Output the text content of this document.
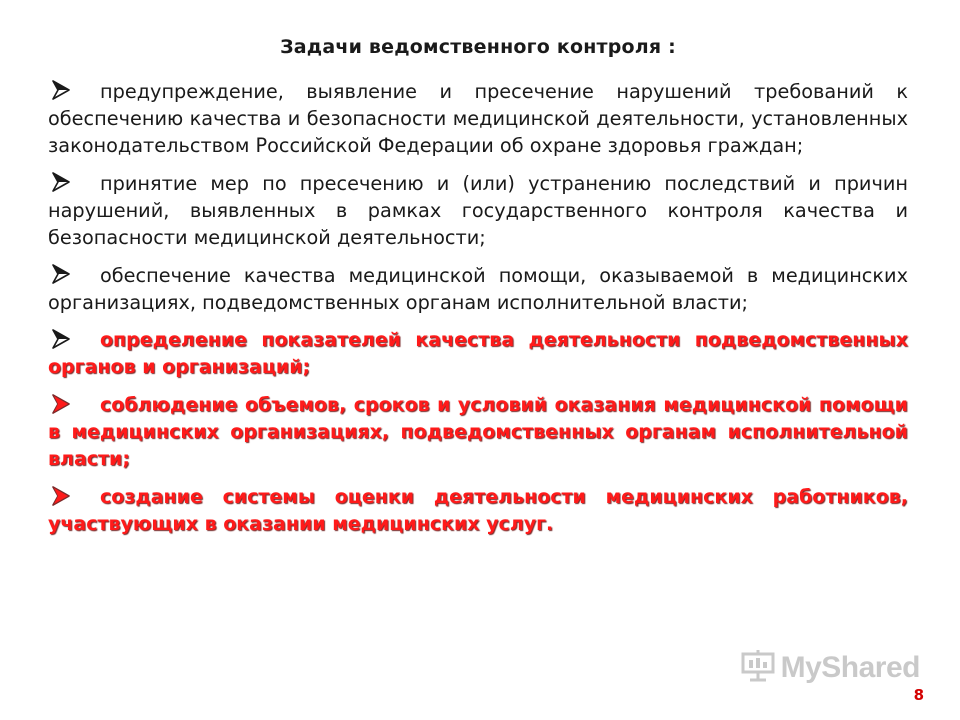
Задачи ведомственного контроля :
предупреждение, выявление и пресечение нарушений требований к обеспечению качества и безопасности медицинской деятельности, установленных законодательством Российской Федерации об охране здоровья граждан;
принятие мер по пресечению и (или) устранению последствий и причин нарушений, выявленных в рамках государственного контроля качества и безопасности медицинской деятельности;
обеспечение качества медицинской помощи, оказываемой в медицинских организациях, подведомственных органам исполнительной власти;
определение показателей качества деятельности подведомственных органов и организаций;
соблюдение объемов, сроков и условий оказания медицинской помощи в медицинских организациях, подведомственных органам исполнительной власти;
создание системы оценки деятельности медицинских работников, участвующих в оказании медицинских услуг.
MyShared
8
